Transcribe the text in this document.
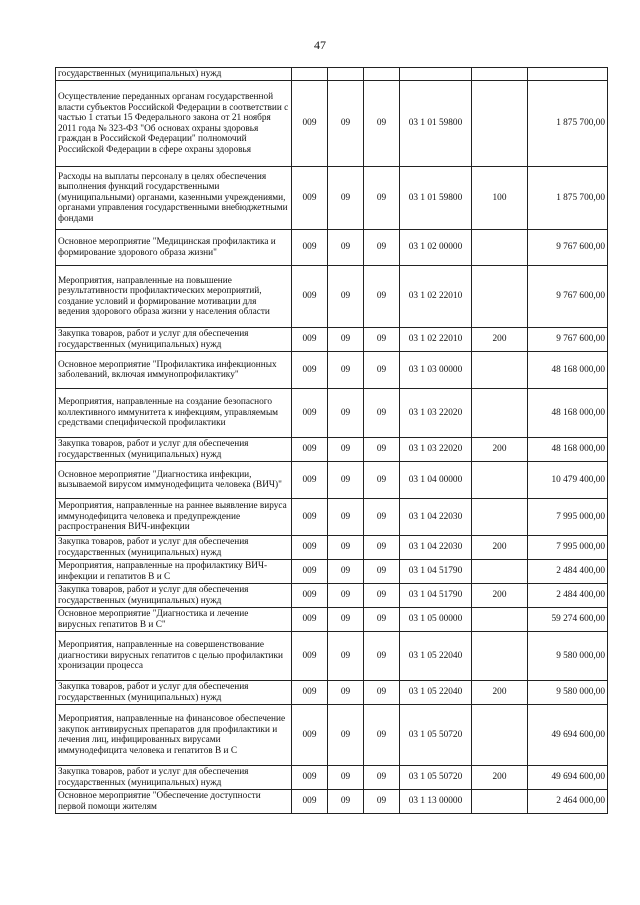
47
государственных (муниципальных) нужд						
Осуществление переданных органам государственной власти субъектов Российской Федерации в соответствии с частью 1 статьи 15 Федерального закона от 21 ноября 2011 года № 323-ФЗ "Об основах охраны здоровья граждан в Российской Федерации" полномочий Российской Федерации в сфере охраны здоровья	009	09	09	03 1 01 59800		1 875 700,00
Расходы на выплаты персоналу в целях обеспечения выполнения функций государственными (муниципальными) органами, казенными учреждениями, органами управления государственными внебюджетными фондами	009	09	09	03 1 01 59800	100	1 875 700,00
Основное мероприятие "Медицинская профилактика и формирование здорового образа жизни"	009	09	09	03 1 02 00000		9 767 600,00
Мероприятия, направленные на повышение результативности профилактических мероприятий, создание условий и формирование мотивации для ведения здорового образа жизни у населения области	009	09	09	03 1 02 22010		9 767 600,00
Закупка товаров, работ и услуг для обеспечения государственных (муниципальных) нужд	009	09	09	03 1 02 22010	200	9 767 600,00
Основное мероприятие "Профилактика инфекционных заболеваний, включая иммунопрофилактику"	009	09	09	03 1 03 00000		48 168 000,00
Мероприятия, направленные на создание безопасного коллективного иммунитета к инфекциям, управляемым средствами специфической профилактики	009	09	09	03 1 03 22020		48 168 000,00
Закупка товаров, работ и услуг для обеспечения государственных (муниципальных) нужд	009	09	09	03 1 03 22020	200	48 168 000,00
Основное мероприятие "Диагностика инфекции, вызываемой вирусом иммунодефицита человека (ВИЧ)"	009	09	09	03 1 04 00000		10 479 400,00
Мероприятия, направленные на раннее выявление вируса иммунодефицита человека и предупреждение распространения ВИЧ-инфекции	009	09	09	03 1 04 22030		7 995 000,00
Закупка товаров, работ и услуг для обеспечения государственных (муниципальных) нужд	009	09	09	03 1 04 22030	200	7 995 000,00
Мероприятия, направленные на профилактику ВИЧ-инфекции и гепатитов В и С	009	09	09	03 1 04 51790		2 484 400,00
Закупка товаров, работ и услуг для обеспечения государственных (муниципальных) нужд	009	09	09	03 1 04 51790	200	2 484 400,00
Основное мероприятие "Диагностика и лечение вирусных гепатитов В и С"	009	09	09	03 1 05 00000		59 274 600,00
Мероприятия, направленные на совершенствование диагностики вирусных гепатитов с целью профилактики хронизации процесса	009	09	09	03 1 05 22040		9 580 000,00
Закупка товаров, работ и услуг для обеспечения государственных (муниципальных) нужд	009	09	09	03 1 05 22040	200	9 580 000,00
Мероприятия, направленные на финансовое обеспечение закупок антивирусных препаратов для профилактики и лечения лиц, инфицированных вирусами иммунодефицита человека и гепатитов В и С	009	09	09	03 1 05 50720		49 694 600,00
Закупка товаров, работ и услуг для обеспечения государственных (муниципальных) нужд	009	09	09	03 1 05 50720	200	49 694 600,00
Основное мероприятие "Обеспечение доступности первой помощи жителям	009	09	09	03 1 13 00000		2 464 000,00
